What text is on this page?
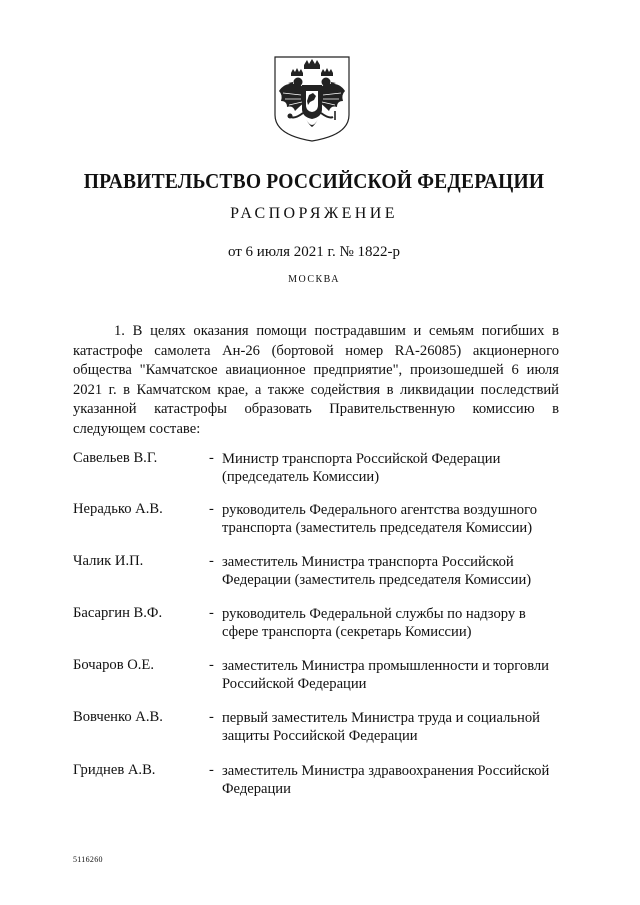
ПРАВИТЕЛЬСТВО РОССИЙСКОЙ ФЕДЕРАЦИИ
РАСПОРЯЖЕНИЕ
от 6 июля 2021 г. № 1822-р
МОСКВА
1. В целях оказания помощи пострадавшим и семьям погибших в катастрофе самолета Ан-26 (бортовой номер RA-26085) акционерного общества "Камчатское авиационное предприятие", произошедшей 6 июля 2021 г. в Камчатском крае, а также содействия в ликвидации последствий указанной катастрофы образовать Правительственную комиссию в следующем составе:
Савельев В.Г.	- Министр транспорта Российской Федерации (председатель Комиссии)
Нерадько А.В.	- руководитель Федерального агентства воздушного транспорта (заместитель председателя Комиссии)
Чалик И.П.	- заместитель Министра транспорта Российской Федерации (заместитель председателя Комиссии)
Басаргин В.Ф.	- руководитель Федеральной службы по надзору в сфере транспорта (секретарь Комиссии)
Бочаров О.Е.	- заместитель Министра промышленности и торговли Российской Федерации
Вовченко А.В.	- первый заместитель Министра труда и социальной защиты Российской Федерации
Гриднев А.В.	- заместитель Министра здравоохранения Российской Федерации
5116260
